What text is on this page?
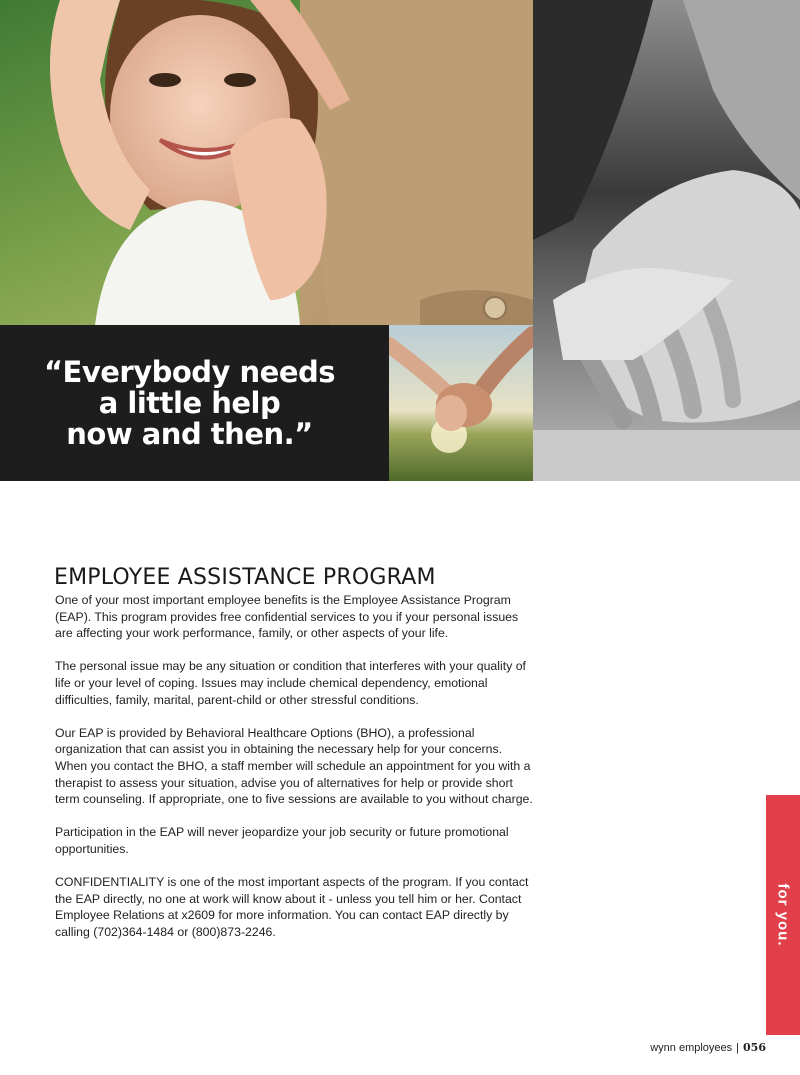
“Everybody needs
a little help
now and then.”
EMPLOYEE ASSISTANCE PROGRAM

One of your most important employee benefits is the Employee Assistance Program (EAP). This program provides free confidential services to you if your personal issues are affecting your work performance, family, or other aspects of your life.

The personal issue may be any situation or condition that interferes with your quality of life or your level of coping. Issues may include chemical dependency, emotional difficulties, family, marital, parent-child or other stressful conditions.

Our EAP is provided by Behavioral Healthcare Options (BHO), a professional organization that can assist you in obtaining the necessary help for your concerns. When you contact the BHO, a staff member will schedule an appointment for you with a therapist to assess your situation, advise you of alternatives for help or provide short term counseling. If appropriate, one to five sessions are available to you without charge.

Participation in the EAP will never jeopardize your job security or future promotional opportunities.

CONFIDENTIALITY is one of the most important aspects of the program. If you contact the EAP directly, no one at work will know about it - unless you tell him or her. Contact Employee Relations at x2609 for more information. You can contact EAP directly by calling (702)364-1484 or (800)873-2246.	for you.
wynn employees | 056
